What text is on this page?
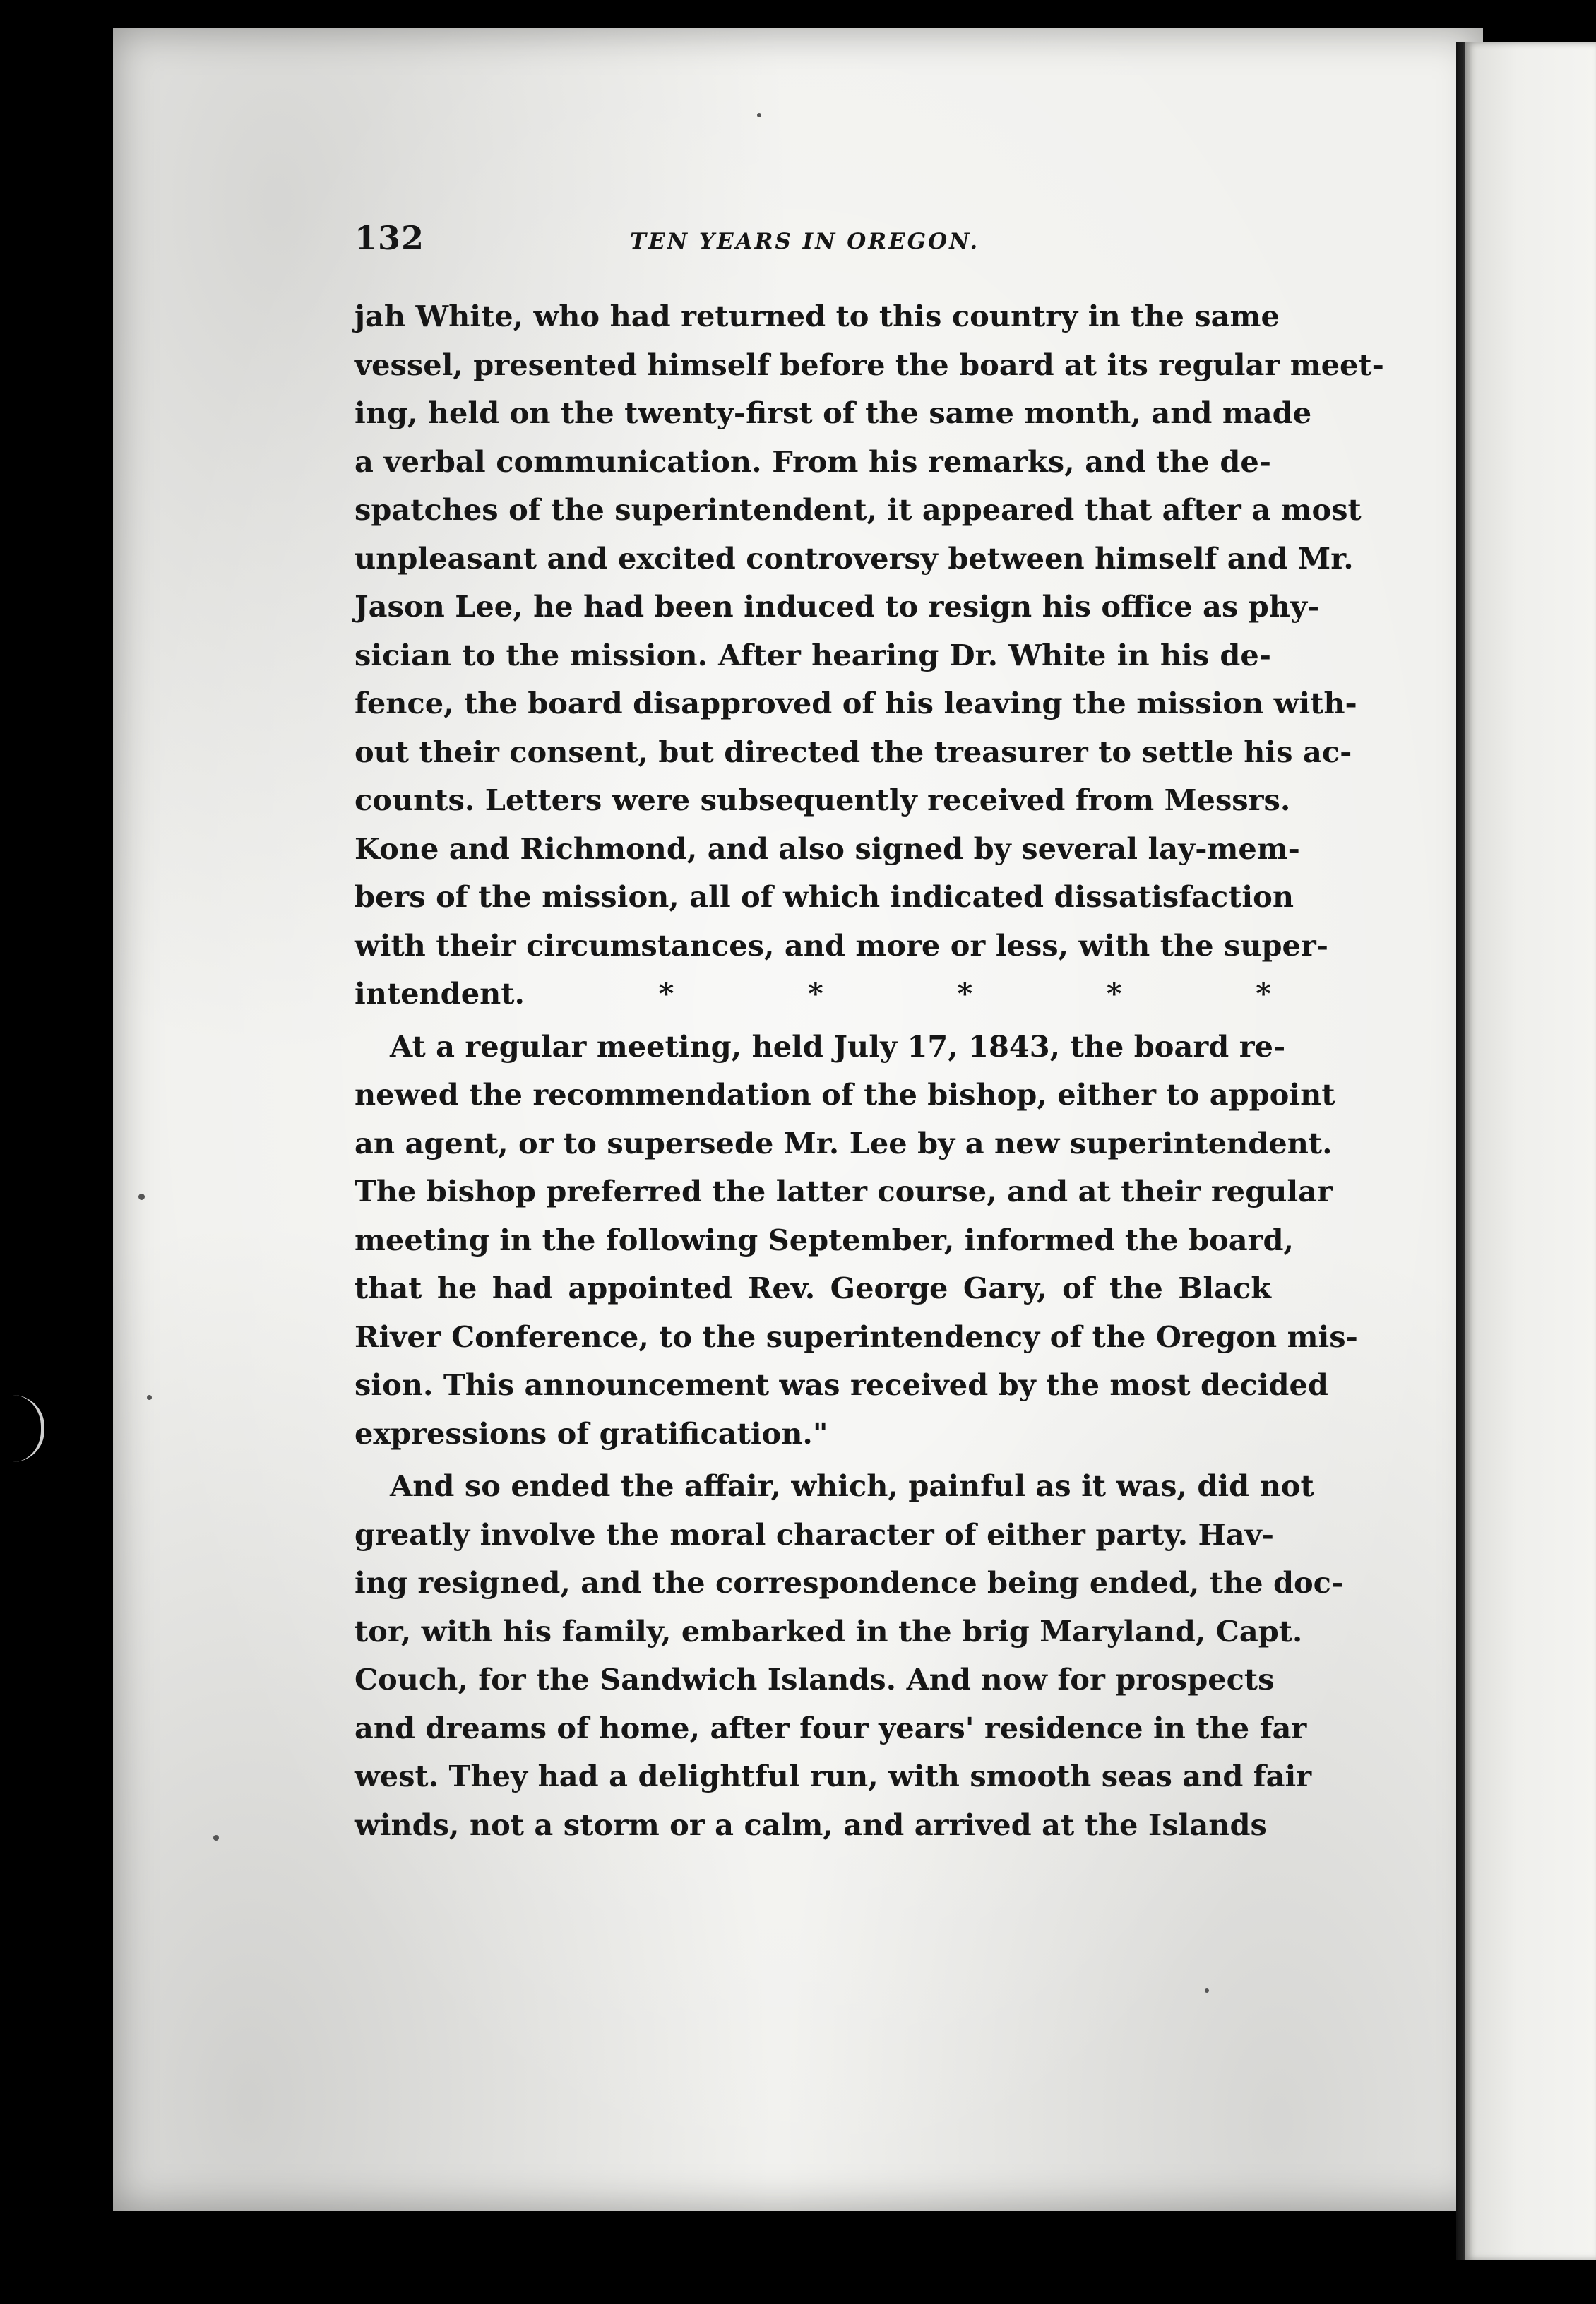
132	TEN YEARS IN OREGON.
jah White, who had returned to this country in the same
vessel, presented himself before the board at its regular meet-
ing, held on the twenty-first of the same month, and made
a verbal communication. From his remarks, and the de-
spatches of the superintendent, it appeared that after a most
unpleasant and excited controversy between himself and Mr.
Jason Lee, he had been induced to resign his office as phy-
sician to the mission. After hearing Dr. White in his de-
fence, the board disapproved of his leaving the mission with-
out their consent, but directed the treasurer to settle his ac-
counts. Letters were subsequently received from Messrs.
Kone and Richmond, and also signed by several lay-mem-
bers of the mission, all of which indicated dissatisfaction
with their circumstances, and more or less, with the super-
intendent.        *        *        *        *        *
At a regular meeting, held July 17, 1843, the board re-
newed the recommendation of the bishop, either to appoint
an agent, or to supersede Mr. Lee by a new superintendent.
The bishop preferred the latter course, and at their regular
meeting in the following September, informed the board,
that he had appointed Rev. George Gary, of the Black
River Conference, to the superintendency of the Oregon mis-
sion. This announcement was received by the most decided
expressions of gratification."
And so ended the affair, which, painful as it was, did not
greatly involve the moral character of either party. Hav-
ing resigned, and the correspondence being ended, the doc-
tor, with his family, embarked in the brig Maryland, Capt.
Couch, for the Sandwich Islands. And now for prospects
and dreams of home, after four years' residence in the far
west. They had a delightful run, with smooth seas and fair
winds, not a storm or a calm, and arrived at the Islands
